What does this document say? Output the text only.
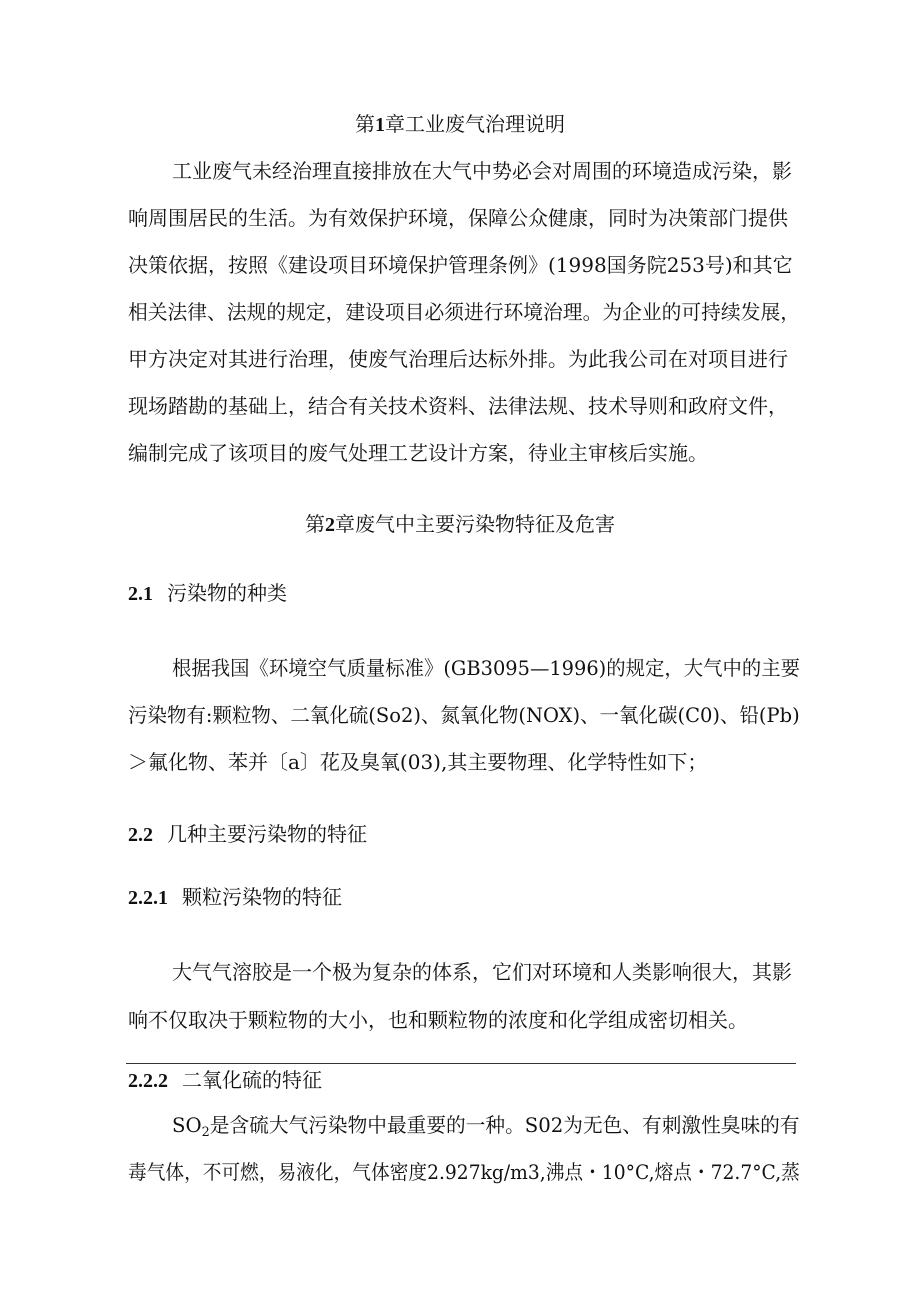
第1章工业废气治理说明
工业废气未经治理直接排放在大气中势必会对周围的环境造成污染，影
响周围居民的生活。为有效保护环境，保障公众健康，同时为决策部门提供
决策依据，按照《建设项目环境保护管理条例》(1998国务院253号)和其它
相关法律、法规的规定，建设项目必须进行环境治理。为企业的可持续发展，
甲方决定对其进行治理，使废气治理后达标外排。为此我公司在对项目进行
现场踏勘的基础上，结合有关技术资料、法律法规、技术导则和政府文件，
编制完成了该项目的废气处理工艺设计方案，待业主审核后实施。
第2章废气中主要污染物特征及危害
2.1 污染物的种类
根据我国《环境空气质量标准》(GB3095—1996)的规定，大气中的主要
污染物有:颗粒物、二氧化硫(So2)、氮氧化物(NOX)、一氧化碳(C0)、铅(Pb)
＞氟化物、苯并〔a〕花及臭氧(03),其主要物理、化学特性如下；
2.2 几种主要污染物的特征
2.2.1 颗粒污染物的特征
大气气溶胶是一个极为复杂的体系，它们对环境和人类影响很大，其影
响不仅取决于颗粒物的大小，也和颗粒物的浓度和化学组成密切相关。
2.2.2 二氧化硫的特征
$SO_2$是含硫大气污染物中最重要的一种。S02为无色、有刺激性臭味的有
毒气体，不可燃，易液化，气体密度2.927kg∕m3,沸点・10°C,熔点・72.7°C,蒸
